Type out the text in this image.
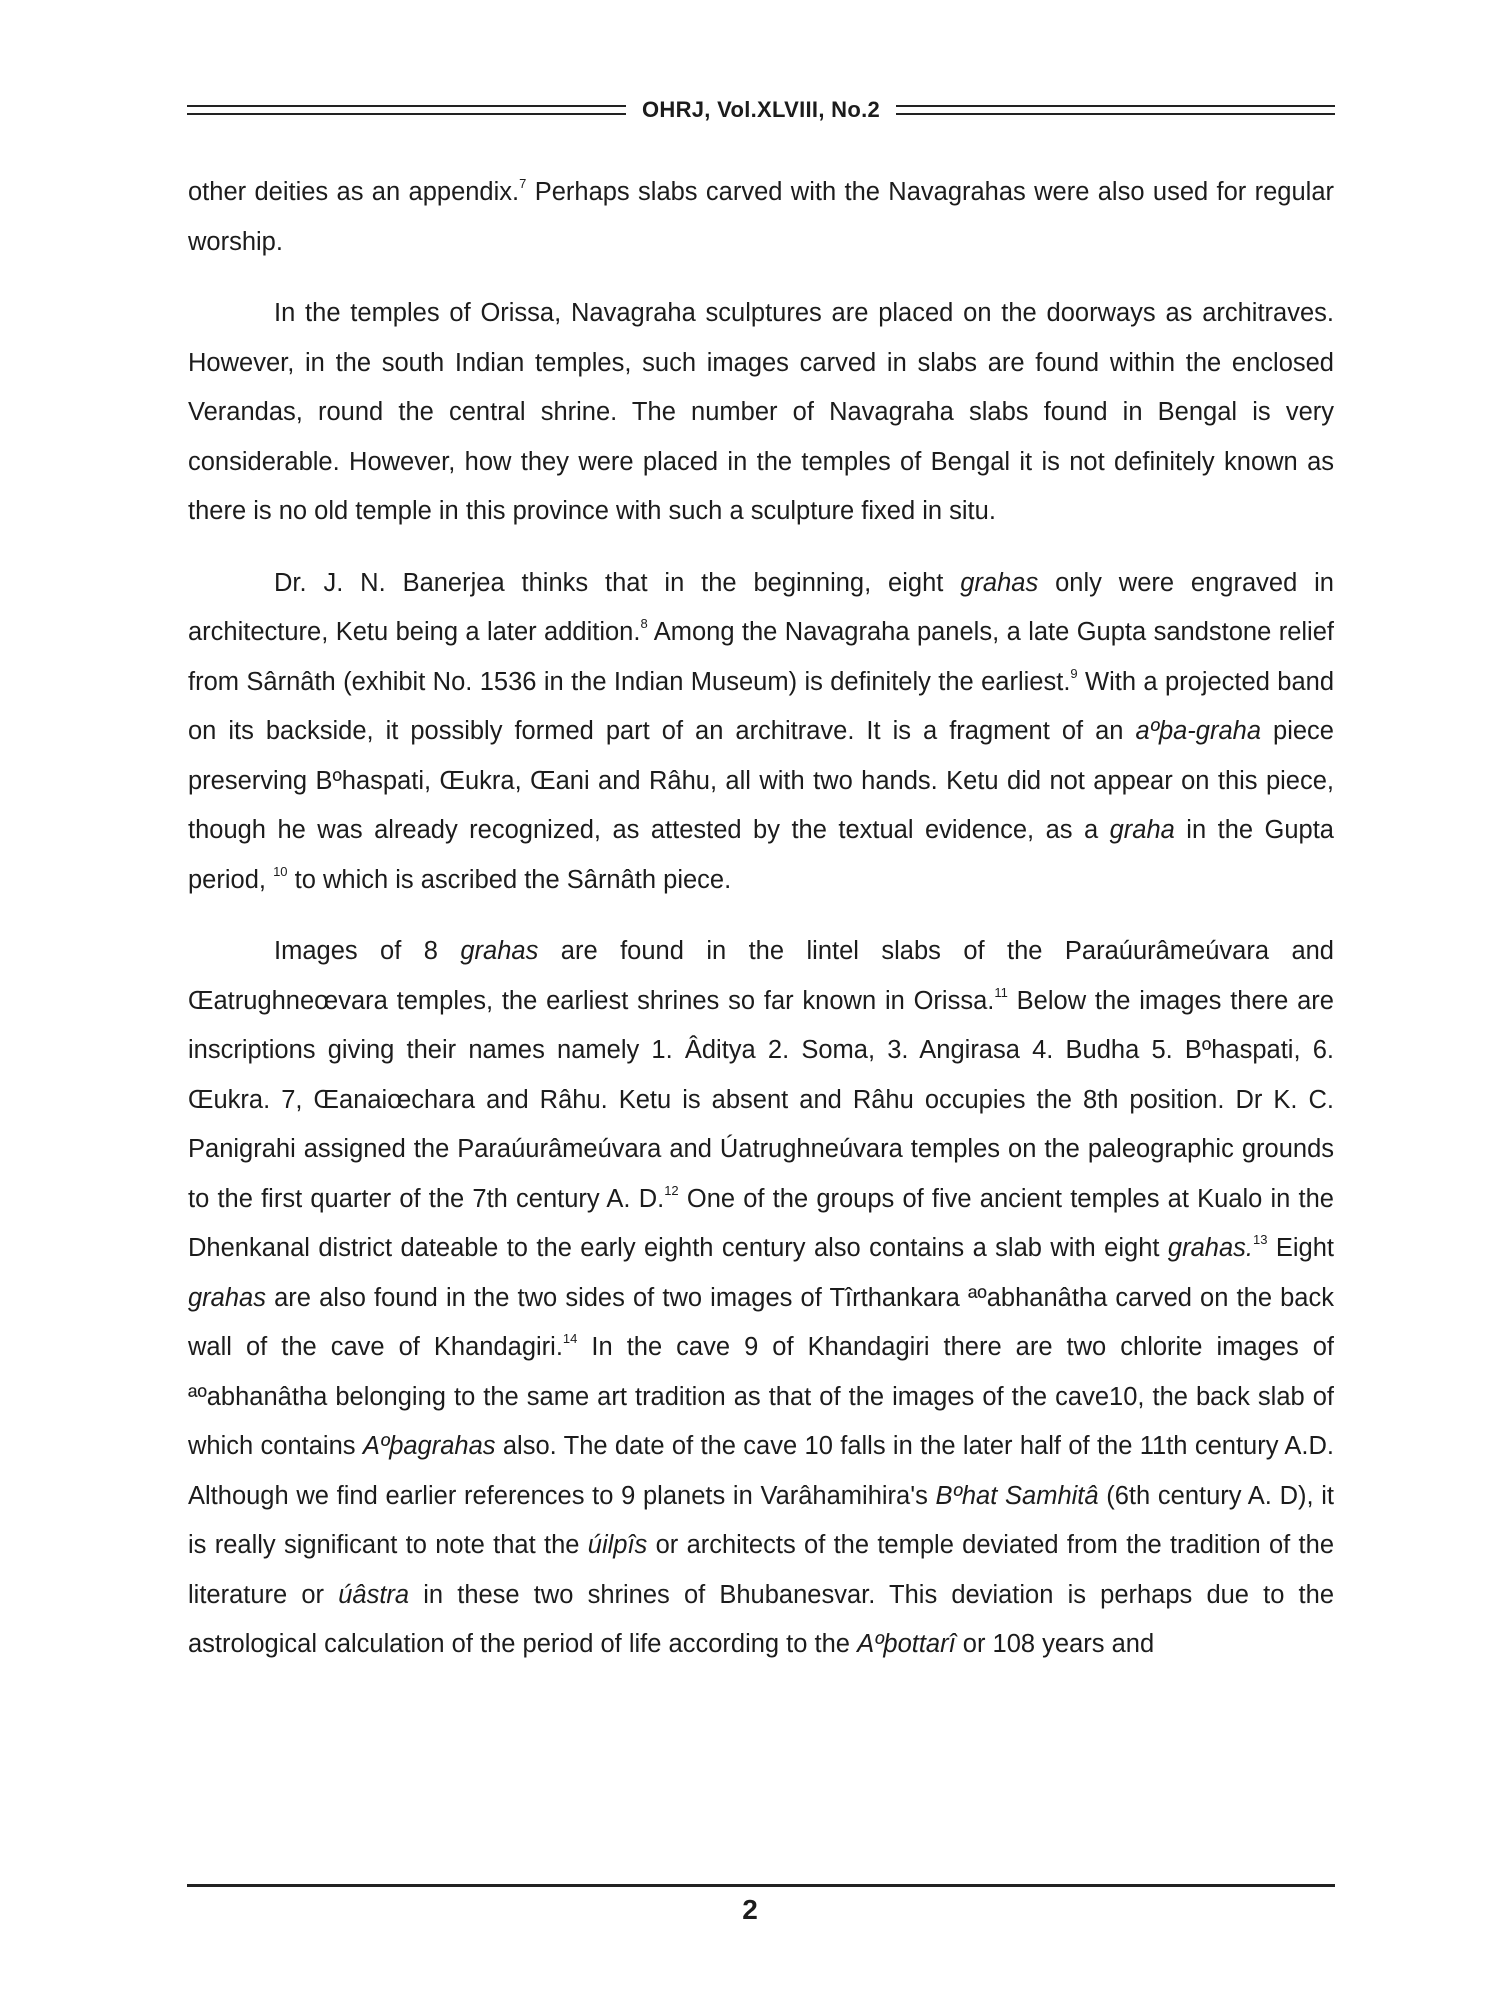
OHRJ, Vol.XLVIII, No.2

other deities as an appendix.$^7$ Perhaps slabs carved with the Navagrahas were also used for regular worship.

In the temples of Orissa, Navagraha sculptures are placed on the doorways as architraves. However, in the south Indian temples, such images carved in slabs are found within the enclosed Verandas, round the central shrine. The number of Navagraha slabs found in Bengal is very considerable. However, how they were placed in the temples of Bengal it is not definitely known as there is no old temple in this province with such a sculpture fixed in situ.

Dr. J. N. Banerjea thinks that in the beginning, eight grahas only were engraved in architecture, Ketu being a later addition.$^8$ Among the Navagraha panels, a late Gupta sandstone relief from Sârnâth (exhibit No. 1536 in the Indian Museum) is definitely the earliest.$^9$ With a projected band on its backside, it possibly formed part of an architrave. It is a fragment of an aºþa-graha piece preserving Bºhaspati, Œukra, Œani and Râhu, all with two hands. Ketu did not appear on this piece, though he was already recognized, as attested by the textual evidence, as a graha in the Gupta period, $^{10}$ to which is ascribed the Sârnâth piece.

Images of 8 grahas are found in the lintel slabs of the Paraúurâmeúvara and Œatrughneœvara temples, the earliest shrines so far known in Orissa.$^{11}$ Below the images there are inscriptions giving their names namely 1. Âditya 2. Soma, 3. Angirasa 4. Budha 5. Bºhaspati, 6. Œukra. 7, Œanaiœchara and Râhu. Ketu is absent and Râhu occupies the 8th position. Dr K. C. Panigrahi assigned the Paraúurâmeúvara and Úatrughneúvara temples on the paleographic grounds to the first quarter of the 7th century A. D.$^{12}$ One of the groups of five ancient temples at Kualo in the Dhenkanal district dateable to the early eighth century also contains a slab with eight grahas.$^{13}$ Eight grahas are also found in the two sides of two images of Tîrthankara ªºabhanâtha carved on the back wall of the cave of Khandagiri.$^{14}$ In the cave 9 of Khandagiri there are two chlorite images of ªºabhanâtha belonging to the same art tradition as that of the images of the cave10, the back slab of which contains Aºþagrahas also. The date of the cave 10 falls in the later half of the 11th century A.D. Although we find earlier references to 9 planets in Varâhamihira's Bºhat Samhitâ (6th century A. D), it is really significant to note that the úilpîs or architects of the temple deviated from the tradition of the literature or úâstra in these two shrines of Bhubanesvar. This deviation is perhaps due to the astrological calculation of the period of life according to the Aºþottarî or 108 years and

2
